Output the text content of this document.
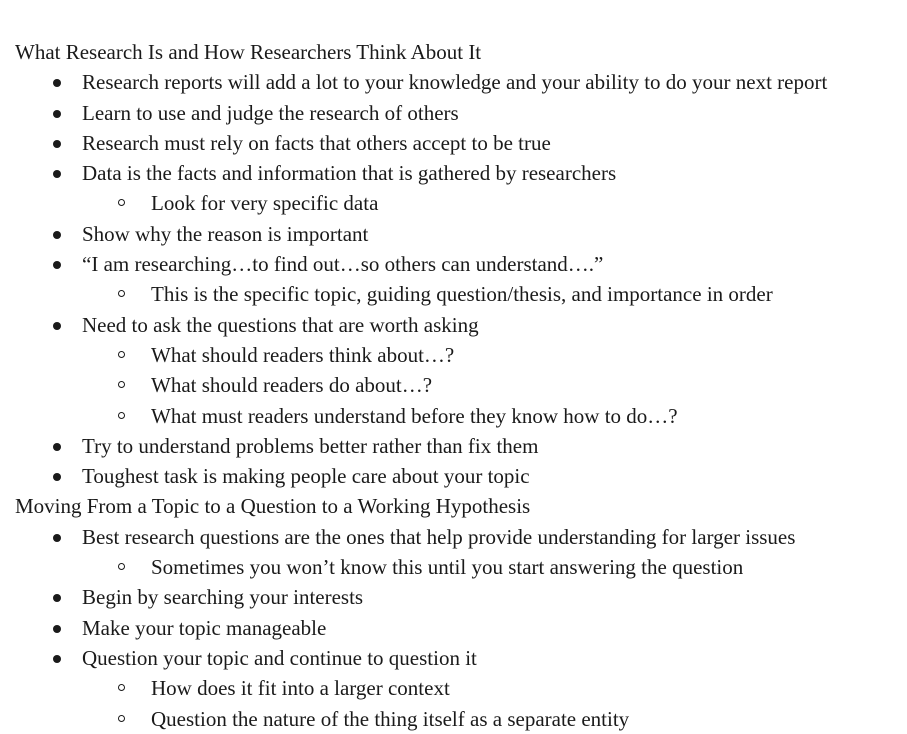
What Research Is and How Researchers Think About It
Research reports will add a lot to your knowledge and your ability to do your next report
Learn to use and judge the research of others
Research must rely on facts that others accept to be true
Data is the facts and information that is gathered by researchers
Look for very specific data
Show why the reason is important
“I am researching…to find out…so others can understand….”
This is the specific topic, guiding question/thesis, and importance in order
Need to ask the questions that are worth asking
What should readers think about…?
What should readers do about…?
What must readers understand before they know how to do…?
Try to understand problems better rather than fix them
Toughest task is making people care about your topic
Moving From a Topic to a Question to a Working Hypothesis
Best research questions are the ones that help provide understanding for larger issues
Sometimes you won’t know this until you start answering the question
Begin by searching your interests
Make your topic manageable
Question your topic and continue to question it
How does it fit into a larger context
Question the nature of the thing itself as a separate entity
